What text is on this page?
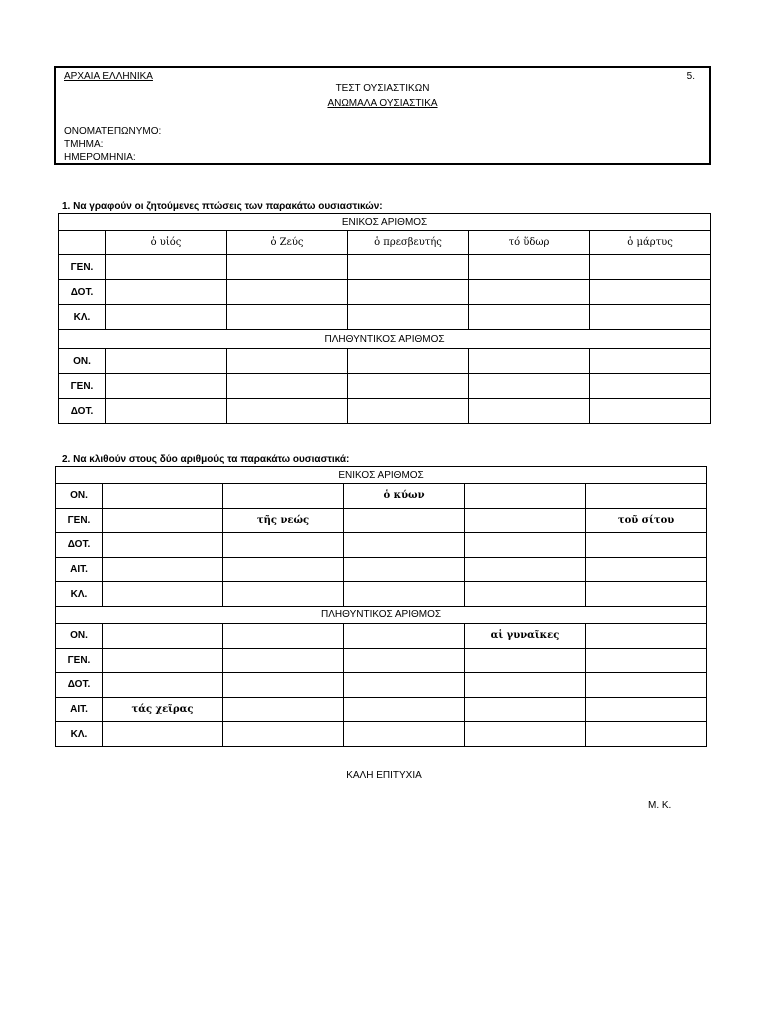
ΑΡΧΑΙΑ ΕΛΛΗΝΙΚΑ	5.
ΤΕΣΤ ΟΥΣΙΑΣΤΙΚΩΝ
ΑΝΩΜΑΛΑ ΟΥΣΙΑΣΤΙΚΑ
ΟΝΟΜΑΤΕΠΩΝΥΜΟ:
ΤΜΗΜΑ:
ΗΜΕΡΟΜΗΝΙΑ:
1. Να γραφούν οι ζητούμενες πτώσεις των παρακάτω ουσιαστικών:
ΕΝΙΚΟΣ ΑΡΙΘΜΟΣ					
	ὁ υἱός	ὁ Ζεύς	ὁ πρεσβευτής	τό ὕδωρ	ὁ μάρτυς
ΓΕΝ.					
ΔΟΤ.					
ΚΛ.					
ΠΛΗΘΥΝΤΙΚΟΣ ΑΡΙΘΜΟΣ					
ΟΝ.					
ΓΕΝ.					
ΔΟΤ.					
2. Να κλιθούν στους δύο αριθμούς τα παρακάτω ουσιαστικά:
ΕΝΙΚΟΣ ΑΡΙΘΜΟΣ					
ΟΝ.			ὁ κύων		
ΓΕΝ.		τῆς νεώς			τοῦ σίτου
ΔΟΤ.					
ΑΙΤ.					
ΚΛ.					
ΠΛΗΘΥΝΤΙΚΟΣ ΑΡΙΘΜΟΣ					
ΟΝ.				αἱ γυναῖκες	
ΓΕΝ.					
ΔΟΤ.					
ΑΙΤ.	τάς χεῖρας				
ΚΛ.					
ΚΑΛΗ ΕΠΙΤΥΧΙΑ
Μ. Κ.
